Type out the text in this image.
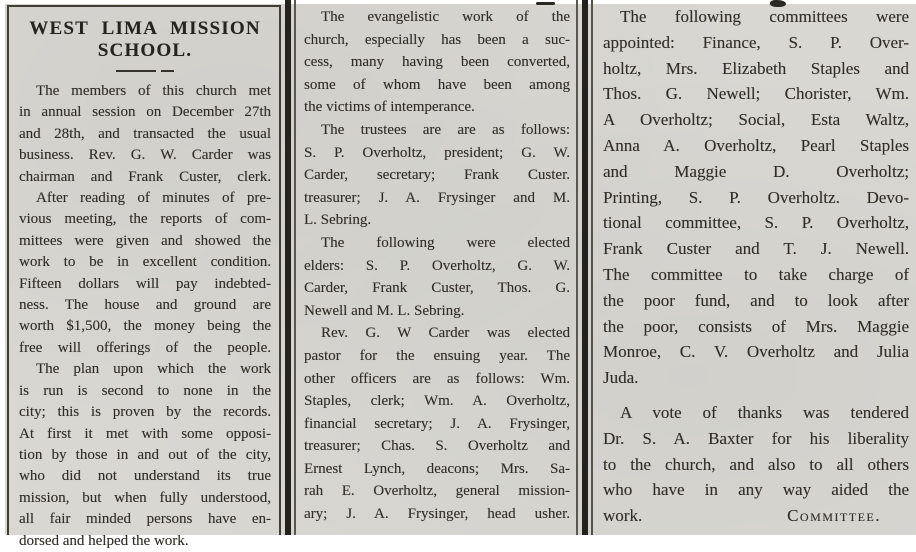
WEST LIMA MISSION SCHOOL.
The members of this church met
in annual session on December 27th
and 28th, and transacted the usual
business. Rev. G. W. Carder was
chairman and Frank Custer, clerk.
After reading of minutes of pre-
vious meeting, the reports of com-
mittees were given and showed the
work to be in excellent condition.
Fifteen dollars will pay indebted-
ness. The house and ground are
worth $1,500, the money being the
free will offerings of the people.
The plan upon which the work
is run is second to none in the
city; this is proven by the records.
At first it met with some opposi-
tion by those in and out of the city,
who did not understand its true
mission, but when fully understood,
all fair minded persons have en-
dorsed and helped the work.
The evangelistic work of the
church, especially has been a suc-
cess, many having been converted,
some of whom have been among
the victims of intemperance.
The trustees are are as follows:
S. P. Overholtz, president; G. W.
Carder, secretary; Frank Custer.
treasurer; J. A. Frysinger and M.
L. Sebring.
The following were elected
elders: S. P. Overholtz, G. W.
Carder, Frank Custer, Thos. G.
Newell and M. L. Sebring.
Rev. G. W Carder was elected
pastor for the ensuing year. The
other officers are as follows: Wm.
Staples, clerk; Wm. A. Overholtz,
financial secretary; J. A. Frysinger,
treasurer; Chas. S. Overholtz and
Ernest Lynch, deacons; Mrs. Sa-
rah E. Overholtz, general mission-
ary; J. A. Frysinger, head usher.
The following committees were
appointed: Finance, S. P. Over-
holtz, Mrs. Elizabeth Staples and
Thos. G. Newell; Chorister, Wm.
A Overholtz; Social, Esta Waltz,
Anna A. Overholtz, Pearl Staples
and Maggie D. Overholtz;
Printing, S. P. Overholtz. Devo-
tional committee, S. P. Overholtz,
Frank Custer and T. J. Newell.
The committee to take charge of
the poor fund, and to look after
the poor, consists of Mrs. Maggie
Monroe, C. V. Overholtz and Julia
Juda.
A vote of thanks was tendered
Dr. S. A. Baxter for his liberality
to the church, and also to all others
who have in any way aided the
work.	Committee.
